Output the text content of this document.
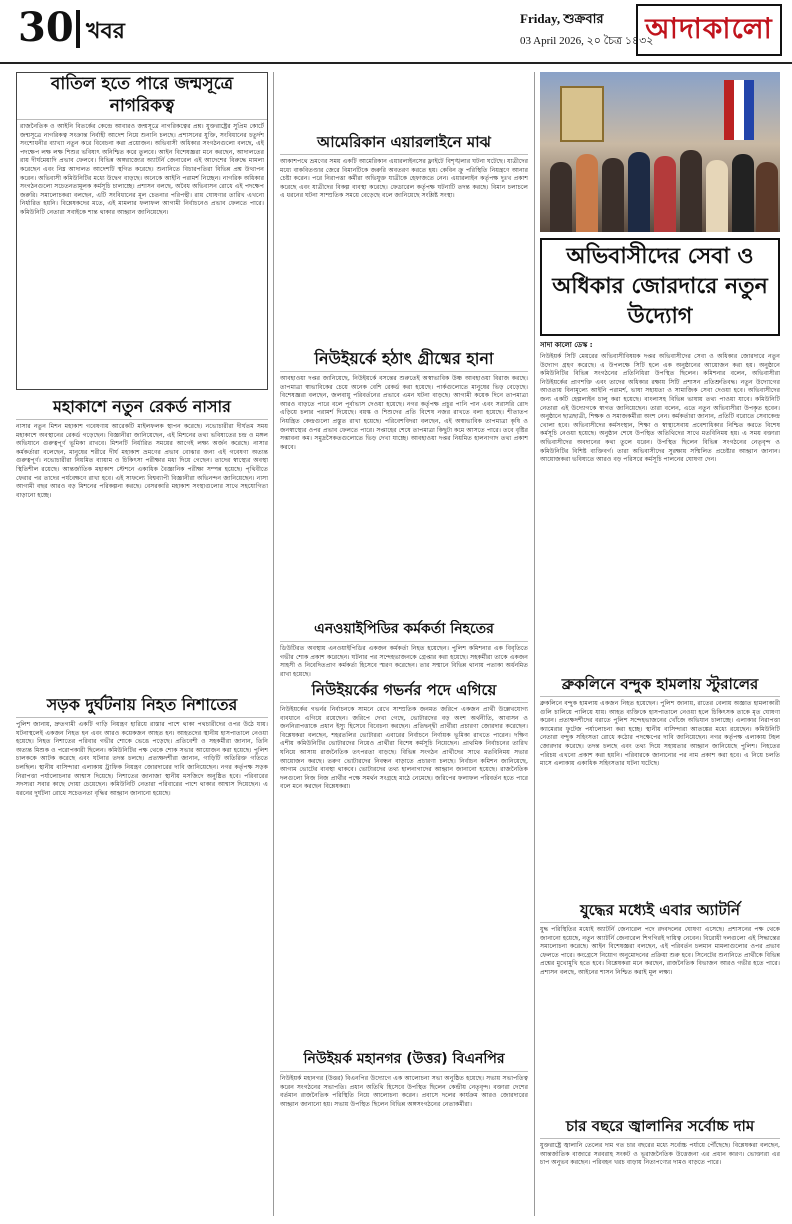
30 খবর
Friday, শুক্রবার
03 April 2026, ২০ চৈত্র ১৪৩২
আদাকালো
বাতিল হতে পারে জন্মসূত্রে নাগরিকত্ব
রাজনৈতিক ও আইনি বিতর্কের কেন্দ্রে আবারও জন্মসূত্রে নাগরিকত্বের প্রশ্ন। যুক্তরাষ্ট্রের সুপ্রিম কোর্টে জন্মসূত্রে নাগরিকত্ব সংক্রান্ত নির্বাহী আদেশ নিয়ে শুনানি চলছে। প্রশাসনের যুক্তি, সংবিধানের চতুর্দশ সংশোধনীর ব্যাখ্যা নতুন করে বিবেচনা করা প্রয়োজন। অভিবাসী অধিকার সংগঠনগুলো বলছে, এই পদক্ষেপ লক্ষ লক্ষ শিশুর ভবিষ্যৎ অনিশ্চিত করে তুলবে। আইন বিশেষজ্ঞরা মনে করছেন, আদালতের রায় দীর্ঘমেয়াদি প্রভাব ফেলবে। বিভিন্ন অঙ্গরাজ্যের অ্যাটর্নি জেনারেল এই আদেশের বিরুদ্ধে মামলা করেছেন এবং নিম্ন আদালত আদেশটি স্থগিত করেছে। শুনানিতে বিচারপতিরা বিভিন্ন প্রশ্ন উত্থাপন করেন। অভিবাসী কমিউনিটির মধ্যে উদ্বেগ বাড়ছে। অনেকে আইনি পরামর্শ নিচ্ছেন। নাগরিক অধিকার সংগঠনগুলো সচেতনতামূলক কর্মসূচি চালাচ্ছে। প্রশাসন বলছে, অবৈধ অভিবাসন রোধে এই পদক্ষেপ জরুরি। সমালোচকরা বলছেন, এটি সংবিধানের মূল চেতনার পরিপন্থী। রায় ঘোষণার তারিখ এখনো নির্ধারিত হয়নি। বিশ্লেষকদের মতে, এই মামলার ফলাফল আগামী নির্বাচনেও প্রভাব ফেলতে পারে। কমিউনিটি নেতারা সবাইকে শান্ত থাকার আহ্বান জানিয়েছেন।
মহাকাশে নতুন রেকর্ড নাসার
নাসার নতুন মিশন মহাকাশ গবেষণায় আরেকটি মাইলফলক স্থাপন করেছে। নভোচারীরা দীর্ঘতম সময় মহাকাশে অবস্থানের রেকর্ড গড়েছেন। বিজ্ঞানীরা জানিয়েছেন, এই মিশনের তথ্য ভবিষ্যতের চন্দ্র ও মঙ্গল অভিযানে গুরুত্বপূর্ণ ভূমিকা রাখবে। মিশনটি নির্ধারিত সময়ের আগেই লক্ষ্য অর্জন করেছে। নাসার কর্মকর্তারা বলেছেন, মানুষের শরীরে দীর্ঘ মহাকাশ ভ্রমণের প্রভাব বোঝার জন্য এই গবেষণা অত্যন্ত গুরুত্বপূর্ণ। নভোচারীরা নিয়মিত ব্যায়াম ও চিকিৎসা পরীক্ষার মধ্য দিয়ে গেছেন। তাদের স্বাস্থ্যের অবস্থা স্থিতিশীল রয়েছে। আন্তর্জাতিক মহাকাশ স্টেশনে একাধিক বৈজ্ঞানিক পরীক্ষা সম্পন্ন হয়েছে। পৃথিবীতে ফেরার পর তাদের পর্যবেক্ষণে রাখা হবে। এই সাফল্যে বিশ্বব্যাপী বিজ্ঞানীরা অভিনন্দন জানিয়েছেন। নাসা আগামী বছর আরও বড় মিশনের পরিকল্পনা করছে। বেসরকারি মহাকাশ সংস্থাগুলোর সাথে সহযোগিতা বাড়ানো হচ্ছে।
সড়ক দুর্ঘটনায় নিহত নিশাতের
পুলিশ জানায়, দ্রুতগামী একটি গাড়ি নিয়ন্ত্রণ হারিয়ে রাস্তার পাশে থাকা পথচারীদের ওপর উঠে যায়। ঘটনাস্থলেই একজন নিহত হন এবং আরও কয়েকজন আহত হন। আহতদের স্থানীয় হাসপাতালে নেওয়া হয়েছে। নিহত নিশাতের পরিবার গভীর শোকে ভেঙে পড়েছে। প্রতিবেশী ও সহকর্মীরা জানান, তিনি অত্যন্ত মিশুক ও পরোপকারী ছিলেন। কমিউনিটির পক্ষ থেকে শোক সভার আয়োজন করা হয়েছে। পুলিশ চালককে আটক করেছে এবং ঘটনার তদন্ত চলছে। প্রত্যক্ষদর্শীরা জানান, গাড়িটি অতিরিক্ত গতিতে চলছিল। স্থানীয় বাসিন্দারা এলাকায় ট্রাফিক নিয়ন্ত্রণ জোরদারের দাবি জানিয়েছেন। নগর কর্তৃপক্ষ সড়ক নিরাপত্তা পর্যালোচনার আশ্বাস দিয়েছে। নিশাতের জানাজা স্থানীয় মসজিদে অনুষ্ঠিত হবে। পরিবারের সদস্যরা সবার কাছে দোয়া চেয়েছেন। কমিউনিটি নেতারা পরিবারের পাশে থাকার আশ্বাস দিয়েছেন। এ ধরনের দুর্ঘটনা রোধে সচেতনতা বৃদ্ধির আহ্বান জানানো হয়েছে।
আমেরিকান এয়ারলাইনে মাঝ
আকাশপথে ভ্রমণের সময় একটি আমেরিকান এয়ারলাইনসের ফ্লাইটে বিশৃঙ্খলার ঘটনা ঘটেছে। যাত্রীদের মধ্যে বাকবিতণ্ডার জেরে বিমানটিকে জরুরি অবতরণ করতে হয়। কেবিন ক্রু পরিস্থিতি নিয়ন্ত্রণে আনার চেষ্টা করেন। পরে নিরাপত্তা কর্মীরা অভিযুক্ত যাত্রীকে হেফাজতে নেন। এয়ারলাইন কর্তৃপক্ষ দুঃখ প্রকাশ করেছে এবং যাত্রীদের বিকল্প ব্যবস্থা করেছে। ফেডারেল কর্তৃপক্ষ ঘটনাটি তদন্ত করছে। বিমান চলাচলে এ ধরনের ঘটনা সাম্প্রতিক সময়ে বেড়েছে বলে জানিয়েছে সংশ্লিষ্ট সংস্থা।
নিউইয়র্কে হঠাৎ গ্রীষ্মের হানা
আবহাওয়া দপ্তর জানিয়েছে, নিউইয়র্কে বসন্তের শুরুতেই অস্বাভাবিক উষ্ণ আবহাওয়া বিরাজ করছে। তাপমাত্রা স্বাভাবিকের চেয়ে অনেক বেশি রেকর্ড করা হয়েছে। পার্কগুলোতে মানুষের ভিড় বেড়েছে। বিশেষজ্ঞরা বলছেন, জলবায়ু পরিবর্তনের প্রভাবে এমন ঘটনা বাড়ছে। আগামী কয়েক দিনে তাপমাত্রা আরও বাড়তে পারে বলে পূর্বাভাস দেওয়া হয়েছে। নগর কর্তৃপক্ষ প্রচুর পানি পান এবং সরাসরি রোদ এড়িয়ে চলার পরামর্শ দিয়েছে। বয়স্ক ও শিশুদের প্রতি বিশেষ নজর রাখতে বলা হয়েছে। শীতাতপ নিয়ন্ত্রিত কেন্দ্রগুলো প্রস্তুত রাখা হয়েছে। পরিবেশবিদরা বলছেন, এই অস্বাভাবিক তাপমাত্রা কৃষি ও জনস্বাস্থ্যের ওপর প্রভাব ফেলতে পারে। সপ্তাহের শেষে তাপমাত্রা কিছুটা কমে আসতে পারে। তবে বৃষ্টির সম্ভাবনা কম। সমুদ্রসৈকতগুলোতে ভিড় দেখা যাচ্ছে। আবহাওয়া দপ্তর নিয়মিত হালনাগাদ তথ্য প্রকাশ করবে।
এনওয়াইপিডির কর্মকর্তা নিহতের
ডিউটিরত অবস্থায় এনওয়াইপিডির একজন কর্মকর্তা নিহত হয়েছেন। পুলিশ কমিশনার এক বিবৃতিতে গভীর শোক প্রকাশ করেছেন। ঘটনার পর সন্দেহভাজনকে গ্রেপ্তার করা হয়েছে। সহকর্মীরা তাকে একজন সাহসী ও নিবেদিতপ্রাণ কর্মকর্তা হিসেবে স্মরণ করেছেন। তার সম্মানে বিভিন্ন থানায় পতাকা অর্ধনমিত রাখা হয়েছে।
নিউইয়র্কের গভর্নর পদে এগিয়ে
নিউইয়র্কের গভর্নর নির্বাচনকে সামনে রেখে সাম্প্রতিক জনমত জরিপে একজন প্রার্থী উল্লেখযোগ্য ব্যবধানে এগিয়ে রয়েছেন। জরিপে দেখা গেছে, ভোটারদের বড় অংশ অর্থনীতি, আবাসন ও জননিরাপত্তাকে প্রধান ইস্যু হিসেবে বিবেচনা করছেন। প্রতিদ্বন্দ্বী প্রার্থীরা প্রচারণা জোরদার করেছেন। বিশ্লেষকরা বলছেন, শহরতলির ভোটাররা এবারের নির্বাচনে নির্ণায়ক ভূমিকা রাখতে পারেন। দক্ষিণ এশীয় কমিউনিটির ভোটারদের নিয়েও প্রার্থীরা বিশেষ কর্মসূচি নিয়েছেন। প্রাথমিক নির্বাচনের তারিখ ঘনিয়ে আসায় রাজনৈতিক তৎপরতা বাড়ছে। বিভিন্ন সংগঠন প্রার্থীদের সাথে মতবিনিময় সভার আয়োজন করছে। তরুণ ভোটারদের নিবন্ধন বাড়াতে প্রচারণা চলছে। নির্বাচন কমিশন জানিয়েছে, আগাম ভোটের ব্যবস্থা থাকবে। ভোটারদের তথ্য হালনাগাদের আহ্বান জানানো হয়েছে। রাজনৈতিক দলগুলো নিজ নিজ প্রার্থীর পক্ষে সমর্থন সংগ্রহে মাঠে নেমেছে। জরিপের ফলাফল পরিবর্তন হতে পারে বলে মনে করছেন বিশ্লেষকরা।
নিউইয়র্ক মহানগর (উত্তর) বিএনপির
নিউইয়র্ক মহানগর (উত্তর) বিএনপির উদ্যোগে এক আলোচনা সভা অনুষ্ঠিত হয়েছে। সভায় সভাপতিত্ব করেন সংগঠনের সভাপতি। প্রধান অতিথি হিসেবে উপস্থিত ছিলেন কেন্দ্রীয় নেতৃবৃন্দ। বক্তারা দেশের বর্তমান রাজনৈতিক পরিস্থিতি নিয়ে আলোচনা করেন। প্রবাসে দলের কার্যক্রম আরও জোরদারের আহ্বান জানানো হয়। সভায় উপস্থিত ছিলেন বিভিন্ন অঙ্গসংগঠনের নেতাকর্মীরা।
অভিবাসীদের সেবা ও অধিকার জোরদারে নতুন উদ্যোগ
সাদা কালো ডেস্ক :
নিউইয়র্ক সিটি মেয়রের অভিবাসীবিষয়ক দপ্তর অভিবাসীদের সেবা ও অধিকার জোরদারে নতুন উদ্যোগ গ্রহণ করেছে। এ উপলক্ষে সিটি হলে এক অনুষ্ঠানের আয়োজন করা হয়। অনুষ্ঠানে কমিউনিটির বিভিন্ন সংগঠনের প্রতিনিধিরা উপস্থিত ছিলেন। কমিশনার বলেন, অভিবাসীরা নিউইয়র্কের প্রাণশক্তি এবং তাদের অধিকার রক্ষায় সিটি প্রশাসন প্রতিশ্রুতিবদ্ধ। নতুন উদ্যোগের আওতায় বিনামূল্যে আইনি পরামর্শ, ভাষা সহায়তা ও সামাজিক সেবা দেওয়া হবে। অভিবাসীদের জন্য একটি হেল্পলাইন চালু করা হয়েছে। বাংলাসহ বিভিন্ন ভাষায় তথ্য পাওয়া যাবে। কমিউনিটি নেতারা এই উদ্যোগকে স্বাগত জানিয়েছেন। তারা বলেন, এতে নতুন অভিবাসীরা উপকৃত হবেন। অনুষ্ঠানে ছাত্রছাত্রী, শিক্ষক ও সমাজকর্মীরা অংশ নেন। কর্মকর্তারা জানান, প্রতিটি বরোতে সেবাকেন্দ্র খোলা হবে। অভিবাসীদের কর্মসংস্থান, শিক্ষা ও স্বাস্থ্যসেবায় প্রবেশাধিকার নিশ্চিত করতে বিশেষ কর্মসূচি নেওয়া হয়েছে। অনুষ্ঠান শেষে উপস্থিত অতিথিদের সাথে মতবিনিময় হয়। এ সময় বক্তারা অভিবাসীদের অবদানের কথা তুলে ধরেন। উপস্থিত ছিলেন বিভিন্ন সংগঠনের নেতৃবৃন্দ ও কমিউনিটির বিশিষ্ট ব্যক্তিবর্গ। তারা অভিবাসীদের সুরক্ষায় সম্মিলিত প্রচেষ্টার আহ্বান জানান। আয়োজকরা ভবিষ্যতে আরও বড় পরিসরে কর্মসূচি পালনের ঘোষণা দেন।
ব্রুকলিনে বন্দুক হামলায় স্টুরালের
ব্রুকলিনে বন্দুক হামলায় একজন নিহত হয়েছেন। পুলিশ জানায়, রাতের বেলায় অজ্ঞাত হামলাকারী গুলি চালিয়ে পালিয়ে যায়। আহত ব্যক্তিকে হাসপাতালে নেওয়া হলে চিকিৎসক তাকে মৃত ঘোষণা করেন। প্রত্যক্ষদর্শীদের বরাতে পুলিশ সন্দেহভাজনের খোঁজে অভিযান চালাচ্ছে। এলাকার নিরাপত্তা ক্যামেরার ফুটেজ পর্যালোচনা করা হচ্ছে। স্থানীয় বাসিন্দারা আতঙ্কের মধ্যে রয়েছেন। কমিউনিটি নেতারা বন্দুক সহিংসতা রোধে কঠোর পদক্ষেপের দাবি জানিয়েছেন। নগর কর্তৃপক্ষ এলাকায় টহল জোরদার করেছে। তদন্ত চলছে এবং তথ্য দিয়ে সহায়তার আহ্বান জানিয়েছে পুলিশ। নিহতের পরিচয় এখনো প্রকাশ করা হয়নি। পরিবারকে জানানোর পর নাম প্রকাশ করা হবে। এ নিয়ে চলতি মাসে এলাকায় একাধিক সহিংসতার ঘটনা ঘটেছে।
যুদ্ধের মধ্যেই এবার অ্যাটর্নি
যুদ্ধ পরিস্থিতির মধ্যেই অ্যাটর্নি জেনারেল পদে রদবদলের ঘোষণা এসেছে। প্রশাসনের পক্ষ থেকে জানানো হয়েছে, নতুন অ্যাটর্নি জেনারেল শিগগিরই দায়িত্ব নেবেন। বিরোধী দলগুলো এই সিদ্ধান্তের সমালোচনা করেছে। আইন বিশেষজ্ঞরা বলছেন, এই পরিবর্তন চলমান মামলাগুলোর ওপর প্রভাব ফেলতে পারে। কংগ্রেসে নিয়োগ অনুমোদনের প্রক্রিয়া শুরু হবে। সিনেটের শুনানিতে প্রার্থীকে বিভিন্ন প্রশ্নের মুখোমুখি হতে হবে। বিশ্লেষকরা মনে করছেন, রাজনৈতিক বিভাজন আরও গভীর হতে পারে। প্রশাসন বলছে, আইনের শাসন নিশ্চিত করাই মূল লক্ষ্য।
চার বছরে জ্বালানির সর্বোচ্চ দাম
যুক্তরাষ্ট্রে জ্বালানি তেলের দাম গত চার বছরের মধ্যে সর্বোচ্চ পর্যায়ে পৌঁছেছে। বিশ্লেষকরা বলছেন, আন্তর্জাতিক বাজারে সরবরাহ সংকট ও ভূরাজনৈতিক উত্তেজনা এর প্রধান কারণ। ভোক্তারা এর চাপ অনুভব করছেন। পরিবহন খরচ বাড়ায় নিত্যপণ্যের দামও বাড়তে পারে।
